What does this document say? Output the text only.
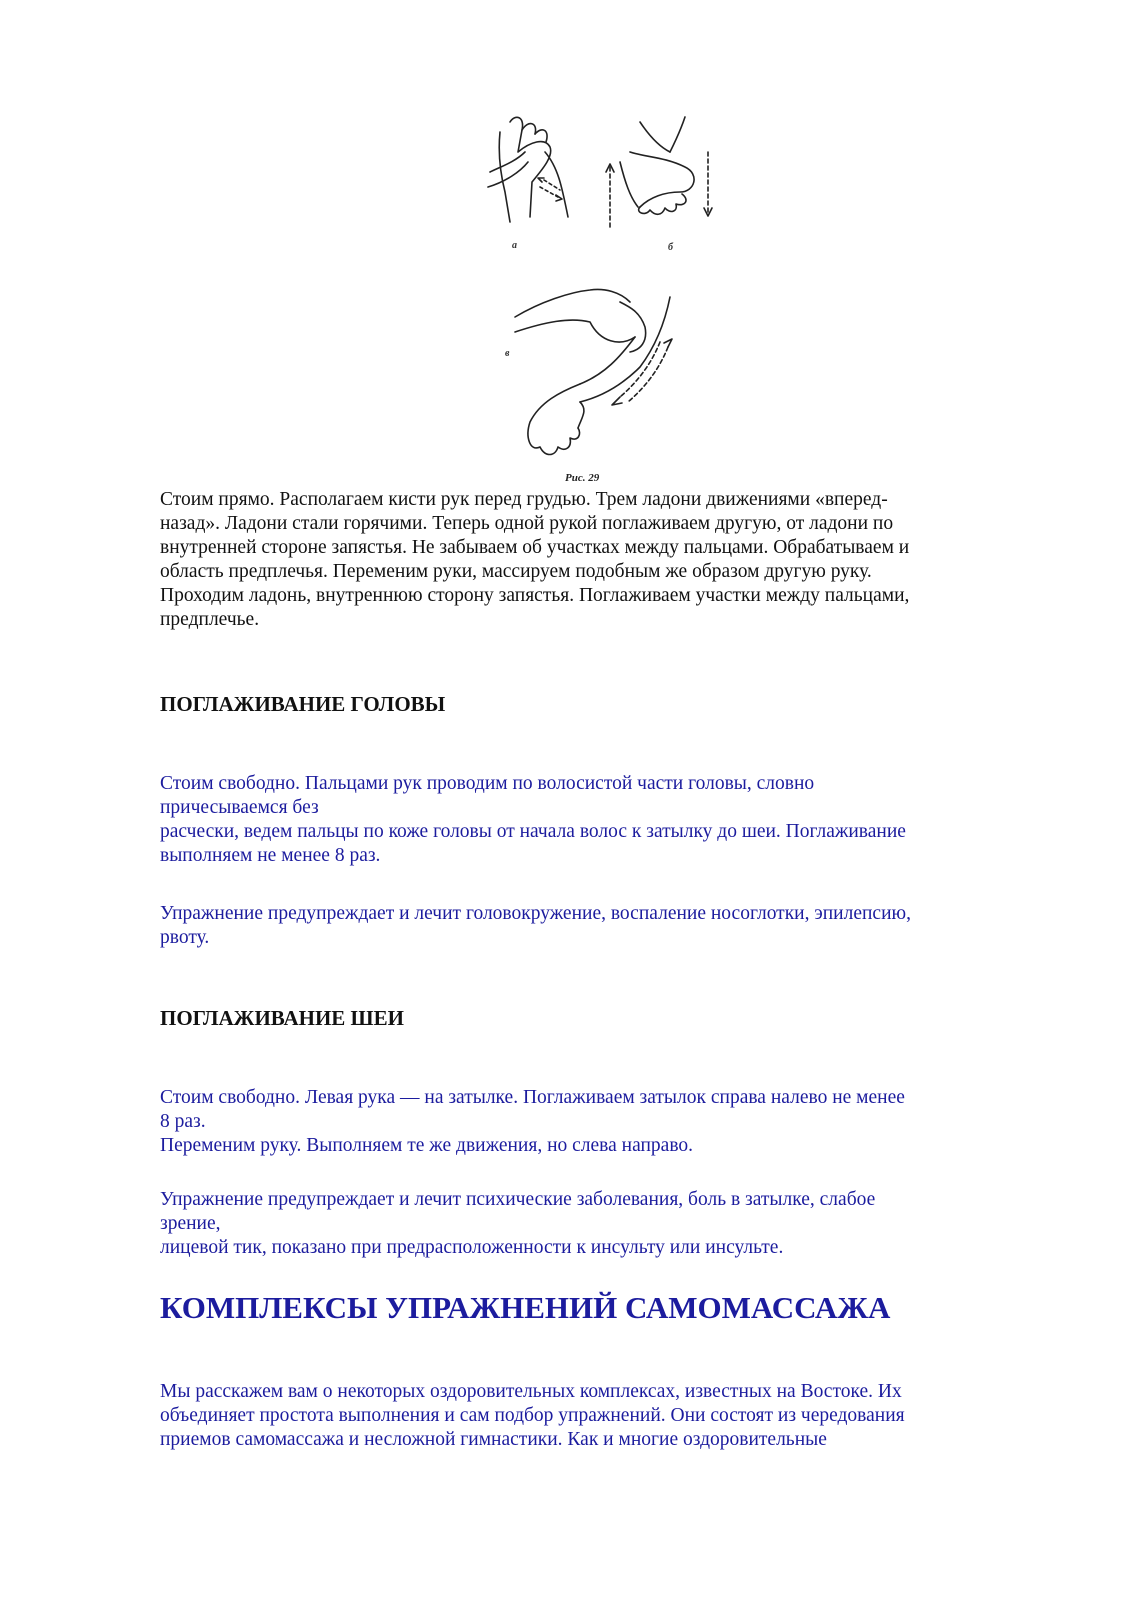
а	б
в
Рис. 29
Стоим прямо. Располагаем кисти рук перед грудью. Трем ладони движениями «вперед-
назад». Ладони стали горячими. Теперь одной рукой поглаживаем другую, от ладони по
внутренней стороне запястья. Не забываем об участках между пальцами. Обрабатываем и
область предплечья. Переменим руки, массируем подобным же образом другую руку.
Проходим ладонь, внутреннюю сторону запястья. Поглаживаем участки между пальцами,
предплечье.
ПОГЛАЖИВАНИЕ ГОЛОВЫ
Стоим свободно. Пальцами рук проводим по волосистой части головы, словно
причесываемся без
расчески, ведем пальцы по коже головы от начала волос к затылку до шеи. Поглаживание
выполняем не менее 8 раз.
Упражнение предупреждает и лечит головокружение, воспаление носоглотки, эпилепсию,
рвоту.
ПОГЛАЖИВАНИЕ ШЕИ
Стоим свободно. Левая рука — на затылке. Поглаживаем затылок справа налево не менее
8 раз.
Переменим руку. Выполняем те же движения, но слева направо.
Упражнение предупреждает и лечит психические заболевания, боль в затылке, слабое
зрение,
лицевой тик, показано при предрасположенности к инсульту или инсульте.
КОМПЛЕКСЫ УПРАЖНЕНИЙ САМОМАССАЖА
Мы расскажем вам о некоторых оздоровительных комплексах, известных на Востоке. Их
объединяет простота выполнения и сам подбор упражнений. Они состоят из чередования
приемов самомассажа и несложной гимнастики. Как и многие оздоровительные
